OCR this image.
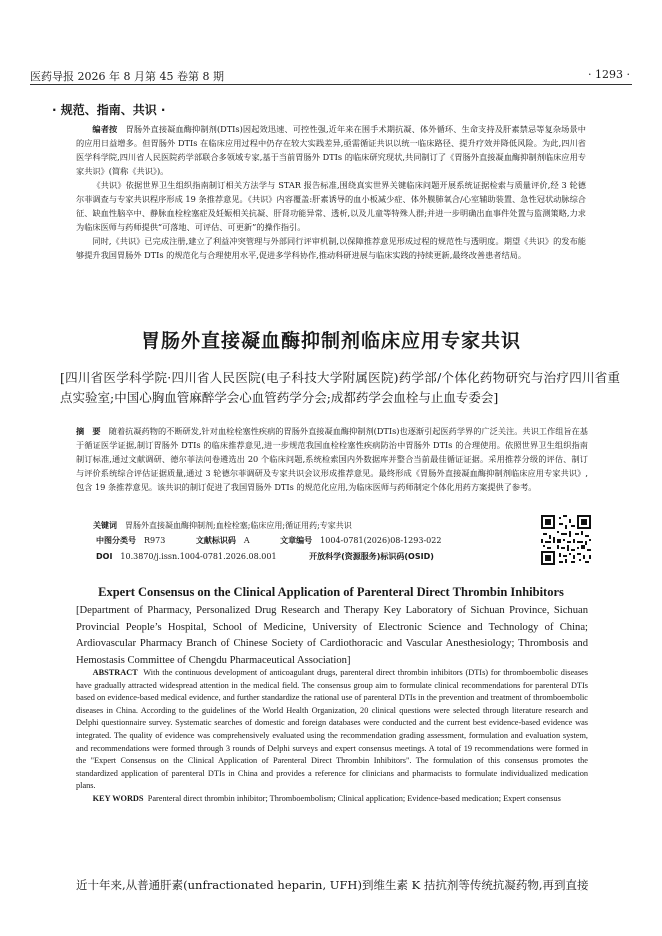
医药导报 2026 年 8 月第 45 卷第 8 期	· 1293 ·
· 规范、指南、共识 ·
编者按　 胃肠外直接凝血酶抑制剂(DTIs)因起效迅速、可控性强,近年来在围手术期抗凝、体外循环、生命支持及肝素禁忌等复杂场景中的应用日益增多。但胃肠外 DTIs 在临床应用过程中仍存在较大实践差异,亟需循证共识以统一临床路径、提升疗效并降低风险。为此,四川省医学科学院,四川省人民医院药学部联合多领域专家,基于当前胃肠外 DTIs 的临床研究现状,共同制订了《胃肠外直接凝血酶抑制剂临床应用专家共识》(简称《共识》)。
《共识》依据世界卫生组织指南制订相关方法学与 STAR 报告标准,围绕真实世界关键临床问题开展系统证据检索与质量评价,经 3 轮德尔菲调查与专家共识程序形成 19 条推荐意见。《共识》内容覆盖:肝素诱导的血小板减少症、体外膜肺氧合/心室辅助装置、急性冠状动脉综合征、缺血性脑卒中、静脉血栓栓塞症及妊娠相关抗凝、肝肾功能异常、透析,以及儿童等特殊人群;并进一步明确出血事件处置与监测策略,力求为临床医师与药师提供“可落地、可评估、可更新”的操作指引。
同时,《共识》已完成注册,建立了利益冲突管理与外部同行评审机制,以保障推荐意见形成过程的规范性与透明度。期望《共识》的发布能够提升我国胃肠外 DTIs 的规范化与合理使用水平,促进多学科协作,推动科研进展与临床实践的持续更新,最终改善患者结局。
胃肠外直接凝血酶抑制剂临床应用专家共识
[四川省医学科学院·四川省人民医院(电子科技大学附属医院)药学部/个体化药物研究与治疗四川省重点实验室;中国心胸血管麻醉学会心血管药学分会;成都药学会血栓与止血专委会]
摘　要　 随着抗凝药物的不断研发,针对血栓栓塞性疾病的胃肠外直接凝血酶抑制剂(DTIs)也逐渐引起医药学界的广泛关注。共识工作组旨在基于循证医学证据,制订胃肠外 DTIs 的临床推荐意见,进一步规范我国血栓栓塞性疾病防治中胃肠外 DTIs 的合理使用。依照世界卫生组织指南制订标准,通过文献调研、德尔菲法问卷遴选出 20 个临床问题,系统检索国内外数据库并整合当前最佳循证证据。采用推荐分级的评估、制订与评价系统综合评估证据质量,通过 3 轮德尔菲调研及专家共识会议形成推荐意见。最终形成《胃肠外直接凝血酶抑制剂临床应用专家共识》,包含 19 条推荐意见。该共识的制订促进了我国胃肠外 DTIs 的规范化应用,为临床医师与药师制定个体化用药方案提供了参考。
关键词 胃肠外直接凝血酶抑制剂;血栓栓塞;临床应用;循证用药;专家共识
中图分类号 R973	文献标识码 A	文章编号 1004-0781(2026)08-1293-022
DOI 10.3870/j.issn.1004-0781.2026.08.001	开放科学(资源服务)标识码(OSID)
Expert Consensus on the Clinical Application of Parenteral Direct Thrombin Inhibitors
[Department of Pharmacy, Personalized Drug Research and Therapy Key Laboratory of Sichuan Province, Sichuan Provincial People’s Hospital, School of Medicine, University of Electronic Science and Technology of China; Ardiovascular Pharmacy Branch of Chinese Society of Cardiothoracic and Vascular Anesthesiology; Thrombosis and Hemostasis Committee of Chengdu Pharmaceutical Association]
ABSTRACT With the continuous development of anticoagulant drugs, parenteral direct thrombin inhibitors (DTIs) for thromboembolic diseases have gradually attracted widespread attention in the medical field. The consensus group aim to formulate clinical recommendations for parenteral DTIs based on evidence-based medical evidence, and further standardize the rational use of parenteral DTIs in the prevention and treatment of thromboembolic diseases in China. According to the guidelines of the World Health Organization, 20 clinical questions were selected through literature research and Delphi questionnaire survey. Systematic searches of domestic and foreign databases were conducted and the current best evidence-based evidence was integrated. The quality of evidence was comprehensively evaluated using the recommendation grading assessment, formulation and evaluation system, and recommendations were formed through 3 rounds of Delphi surveys and expert consensus meetings. A total of 19 recommendations were formed in the "Expert Consensus on the Clinical Application of Parenteral Direct Thrombin Inhibitors". The formulation of this consensus promotes the standardized application of parenteral DTIs in China and provides a reference for clinicians and pharmacists to formulate individualized medication plans.
KEY WORDS Parenteral direct thrombin inhibitor; Thromboembolism; Clinical application; Evidence-based medication; Expert consensus
近十年来,从普通肝素(unfractionated heparin, UFH)到维生素 K 拮抗剂等传统抗凝药物,再到直接
